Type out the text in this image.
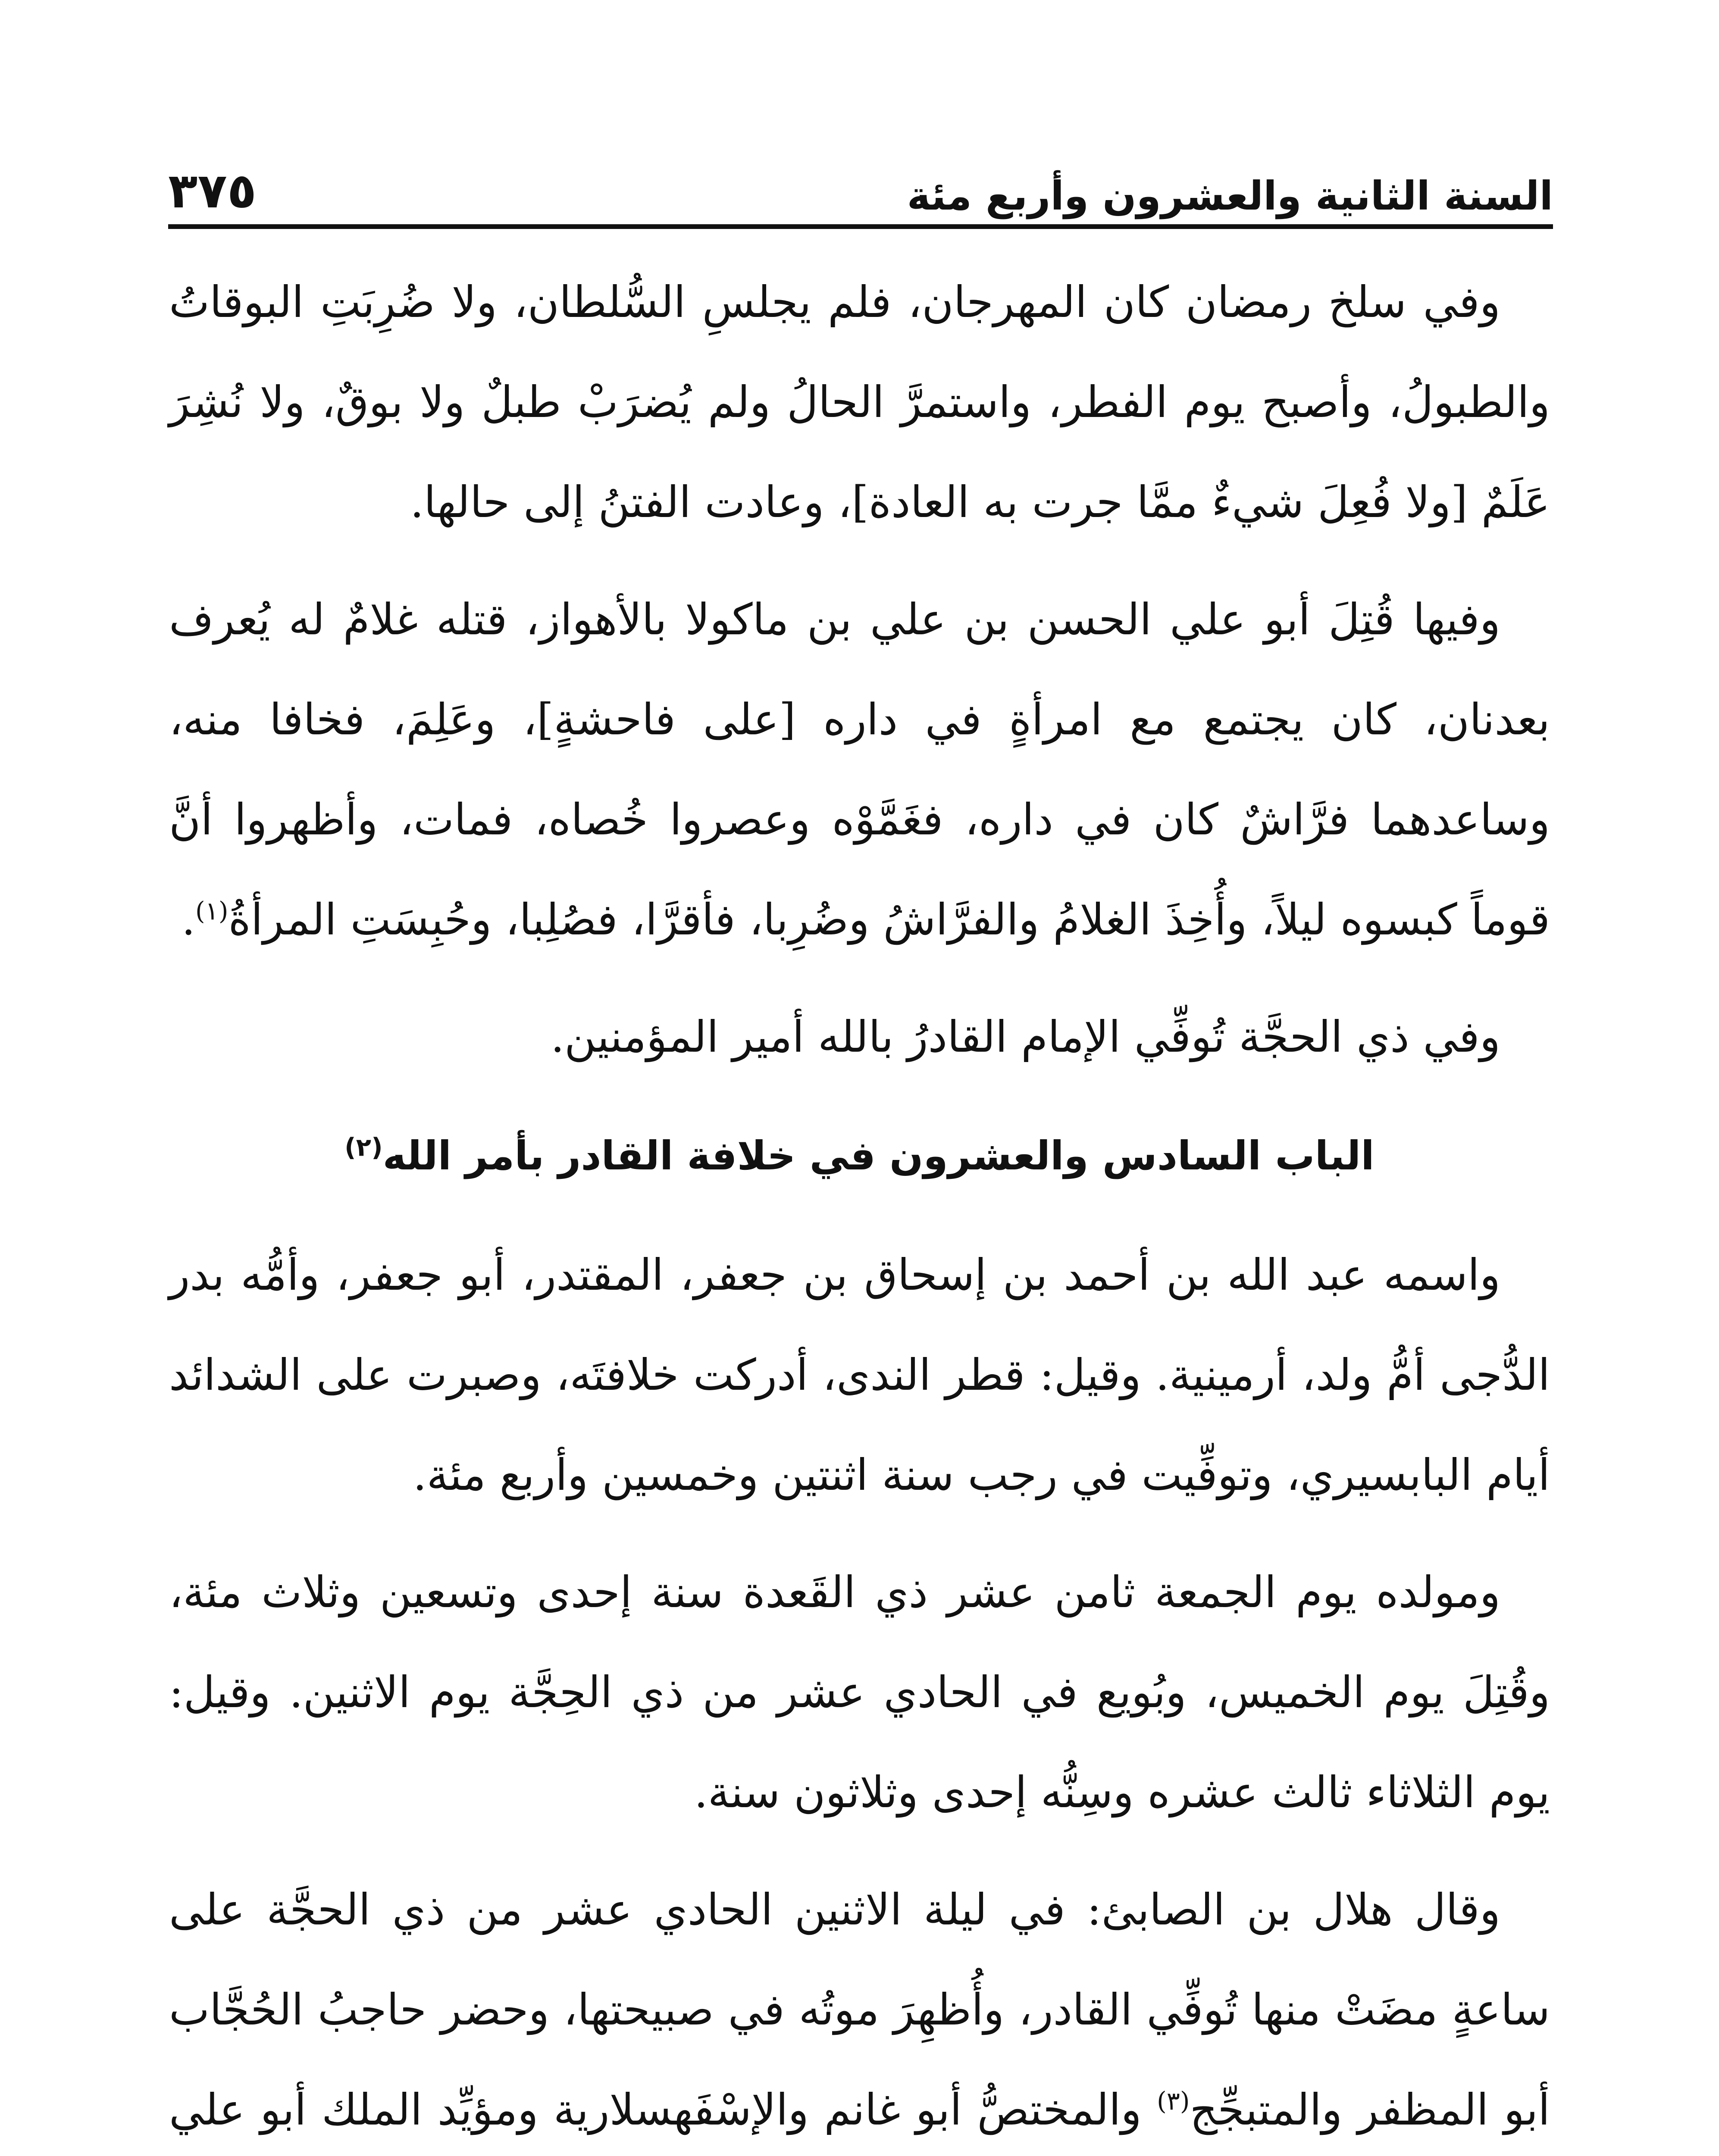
السنة الثانية والعشرون وأربع مئة
٣٧٥

وفي سلخ رمضان كان المهرجان، فلم يجلسِ السُّلطان، ولا ضُرِبَتِ البوقاتُ والطبولُ، وأصبح يوم الفطر، واستمرَّ الحالُ ولم يُضرَبْ طبلٌ ولا بوقٌ، ولا نُشِرَ عَلَمٌ [ولا فُعِلَ شيءٌ ممَّا جرت به العادة]، وعادت الفتنُ إلى حالها.

وفيها قُتِلَ أبو علي الحسن بن علي بن ماكولا بالأهواز، قتله غلامٌ له يُعرف بعدنان، كان يجتمع مع امرأةٍ في داره [على فاحشةٍ]، وعَلِمَ، فخافا منه، وساعدهما فرَّاشٌ كان في داره، فغَمَّوْه وعصروا خُصاه، فمات، وأظهروا أنَّ قوماً كبسوه ليلاً، وأُخِذَ الغلامُ والفرَّاشُ وضُرِبا، فأقرَّا، فصُلِبا، وحُبِسَتِ المرأةُ$^{(١)}$.

وفي ذي الحجَّة تُوفِّي الإمام القادرُ بالله أمير المؤمنين.

الباب السادس والعشرون في خلافة القادر بأمر الله$^{(٢)}$

واسمه عبد الله بن أحمد بن إسحاق بن جعفر، المقتدر، أبو جعفر، وأمُّه بدر الدُّجى أمُّ ولد، أرمينية. وقيل: قطر الندى، أدركت خلافتَه، وصبرت على الشدائد أيام البابسيري، وتوفِّيت في رجب سنة اثنتين وخمسين وأربع مئة.

ومولده يوم الجمعة ثامن عشر ذي القَعدة سنة إحدى وتسعين وثلاث مئة، وقُتِلَ يوم الخميس، وبُويع في الحادي عشر من ذي الحِجَّة يوم الاثنين. وقيل: يوم الثلاثاء ثالث عشره وسِنُّه إحدى وثلاثون سنة.

وقال هلال بن الصابئ: في ليلة الاثنين الحادي عشر من ذي الحجَّة على ساعةٍ مضَتْ منها تُوفِّي القادر، وأُظهِرَ موتُه في صبيحتها، وحضر حاجبُ الحُجَّاب أبو المظفر والمتبجِّج$^{(٣)}$ والمختصُّ أبو غانم والإسْفَهسلارية ومؤيِّد الملك أبو علي
